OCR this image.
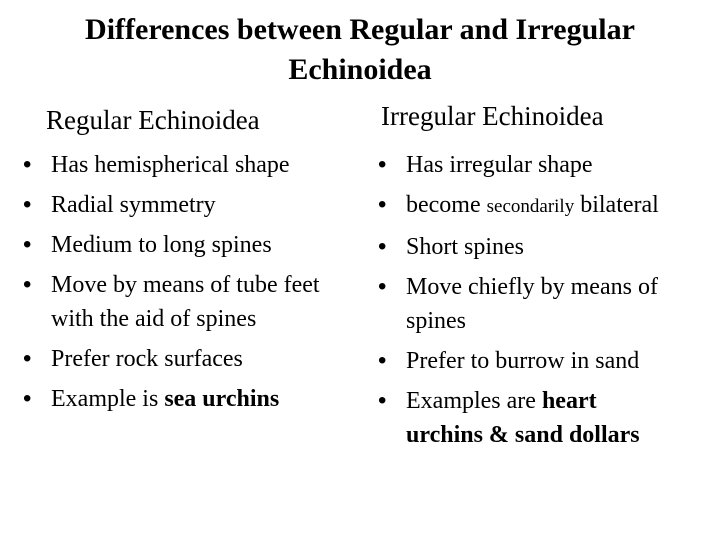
Differences between Regular and Irregular Echinoidea
Regular Echinoidea	Irregular Echinoidea
• Has hemispherical shape
• Radial symmetry
• Medium to long spines
• Move by means of tube feet
with the aid of spines
• Prefer rock surfaces
• Example is sea urchins
• Has irregular shape
• become secondarily bilateral
• Short spines
• Move chiefly by means of
spines
• Prefer to burrow in sand
• Examples are heart
urchins & sand dollars
